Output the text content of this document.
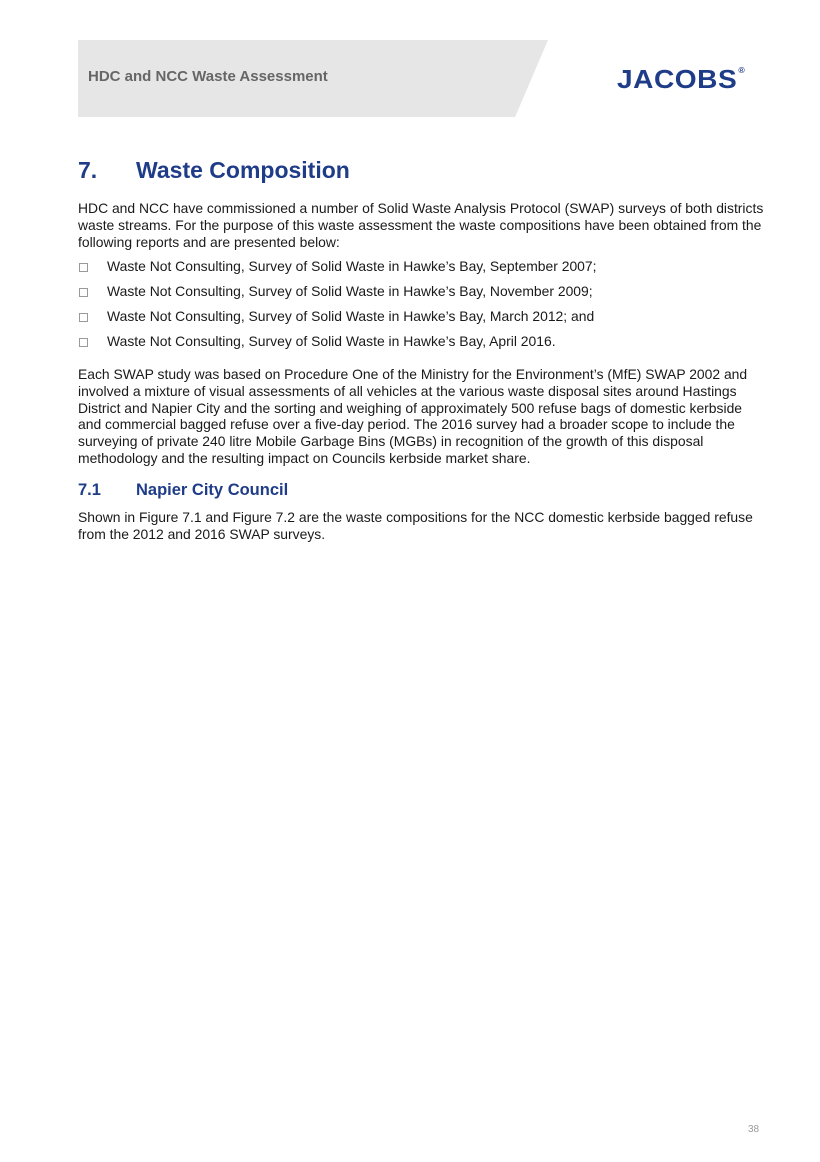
HDC and NCC Waste Assessment	JACOBS®
7. Waste Composition
HDC and NCC have commissioned a number of Solid Waste Analysis Protocol (SWAP) surveys of both districts waste streams. For the purpose of this waste assessment the waste compositions have been obtained from the following reports and are presented below:
Waste Not Consulting, Survey of Solid Waste in Hawke’s Bay, September 2007;
Waste Not Consulting, Survey of Solid Waste in Hawke’s Bay, November 2009;
Waste Not Consulting, Survey of Solid Waste in Hawke’s Bay, March 2012; and
Waste Not Consulting, Survey of Solid Waste in Hawke’s Bay, April 2016.
Each SWAP study was based on Procedure One of the Ministry for the Environment’s (MfE) SWAP 2002 and involved a mixture of visual assessments of all vehicles at the various waste disposal sites around Hastings District and Napier City and the sorting and weighing of approximately 500 refuse bags of domestic kerbside and commercial bagged refuse over a five-day period. The 2016 survey had a broader scope to include the surveying of private 240 litre Mobile Garbage Bins (MGBs) in recognition of the growth of this disposal methodology and the resulting impact on Councils kerbside market share.
7.1 Napier City Council
Shown in Figure 7.1 and Figure 7.2 are the waste compositions for the NCC domestic kerbside bagged refuse from the 2012 and 2016 SWAP surveys.
38
